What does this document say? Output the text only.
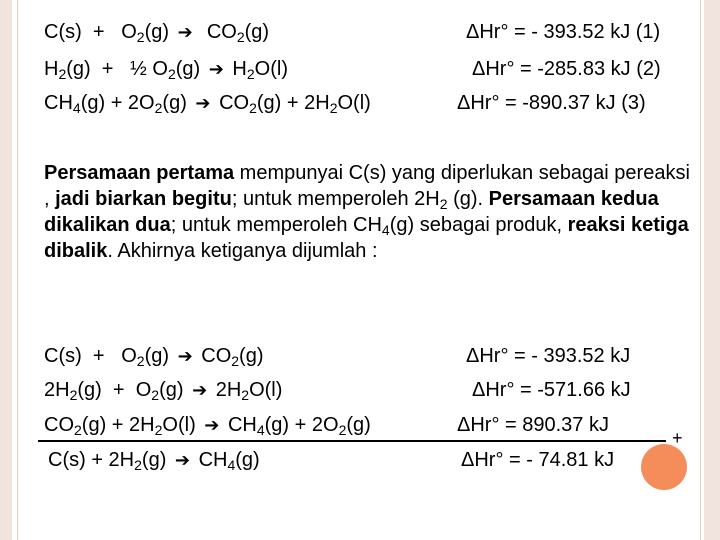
$C(s) + O_2(g)$ ➔  $CO_2(g)$	ΔHr° = - 393.52 kJ (1)
$H_2(g)$  +   ½ $O_2(g)$ ➔ $H_2O(l)$	ΔHr° = -285.83 kJ (2)
$CH_4(g) + 2O_2(g)$ ➔ $CO_2(g) + 2H_2O(l)$	ΔHr° = -890.37 kJ (3)

Persamaan pertama mempunyai C(s) yang diperlukan sebagai pereaksi , jadi biarkan begitu; untuk memperoleh $2H_2$ (g). Persamaan kedua dikalikan dua; untuk memperoleh $CH_4(g)$ sebagai produk, reaksi ketiga dibalik. Akhirnya ketiganya dijumlah :

$C(s) + O_2(g)$ ➔ $CO_2(g)$	ΔHr° = - 393.52 kJ
$2H_2(g) + O_2(g)$ ➔ $2H_2O(l)$	ΔHr° = -571.66 kJ
$CO_2(g) + 2H_2O(l)$ ➔ $CH_4(g) + 2O_2(g)$	ΔHr° = 890.37 kJ
+
$C(s) + 2H_2(g)$ ➔ $CH_4(g)$	ΔHr° = - 74.81 kJ
